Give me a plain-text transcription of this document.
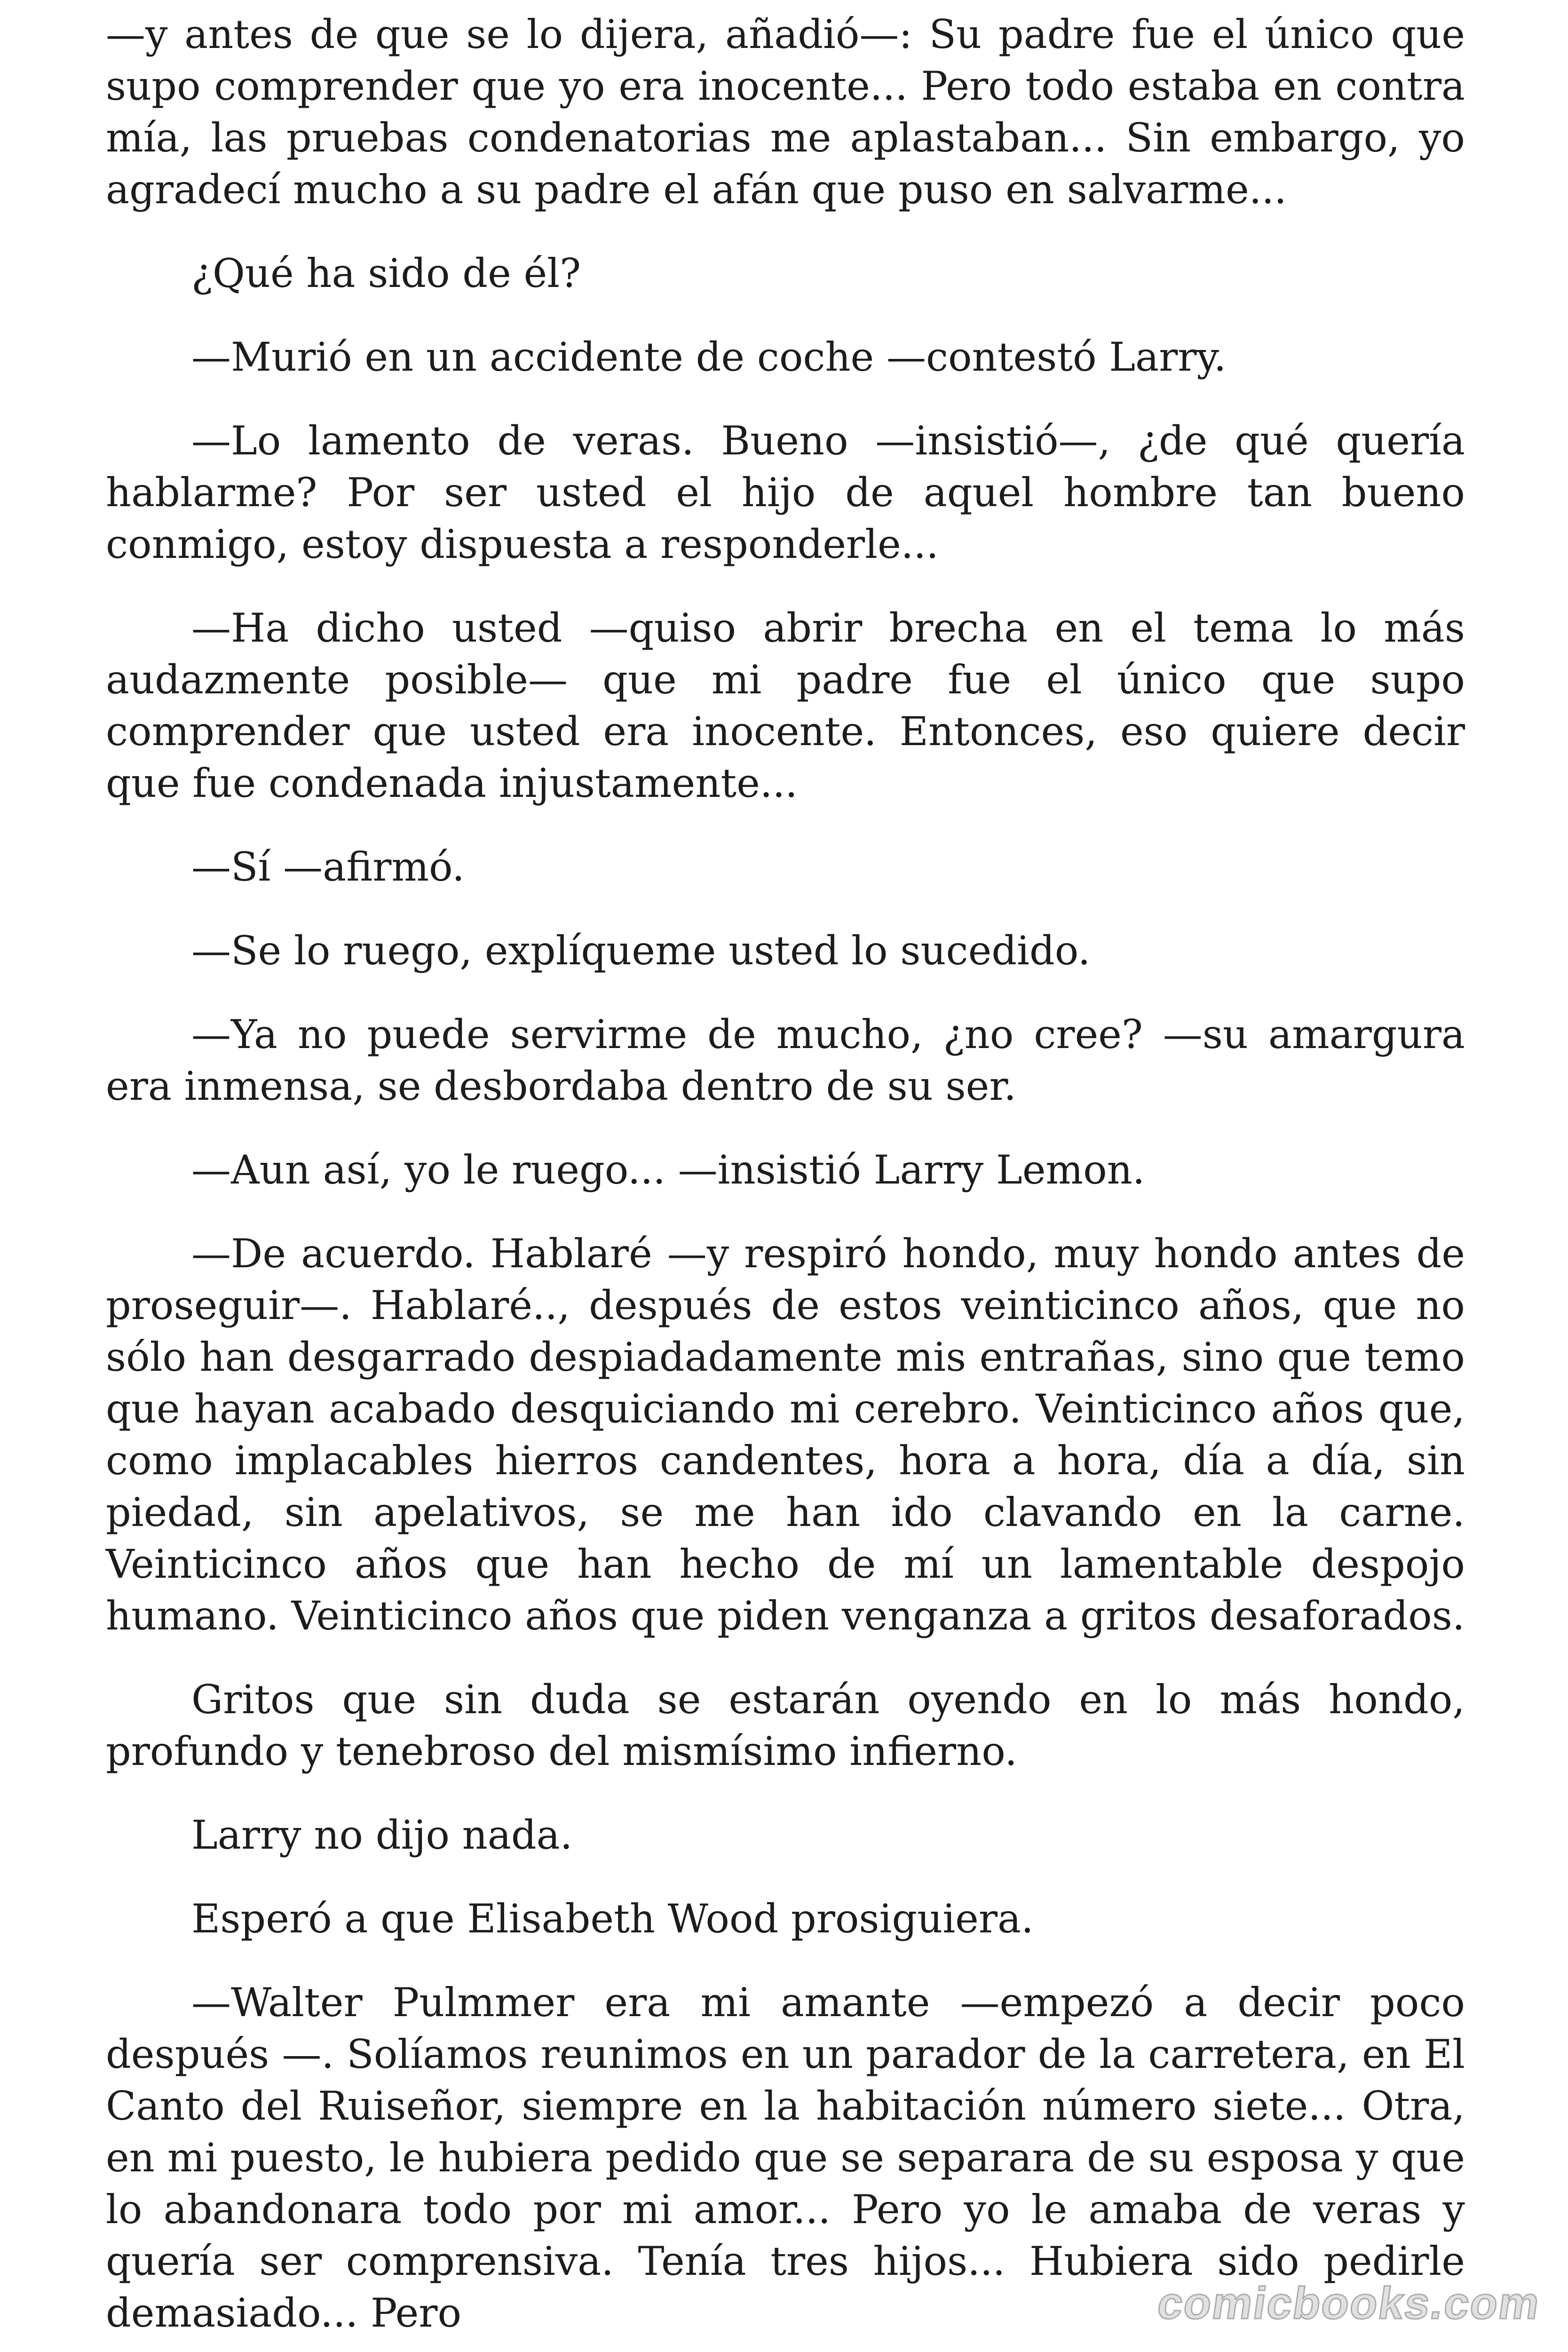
—y antes de que se lo dijera, añadió—: Su padre fue el único que supo comprender que yo era inocente... Pero todo estaba en contra mía, las pruebas condenatorias me aplastaban... Sin embargo, yo agradecí mucho a su padre el afán que puso en salvarme...

¿Qué ha sido de él?

—Murió en un accidente de coche —contestó Larry.

—Lo lamento de veras. Bueno —insistió—, ¿de qué quería hablarme? Por ser usted el hijo de aquel hombre tan bueno conmigo, estoy dispuesta a responderle...

—Ha dicho usted —quiso abrir brecha en el tema lo más audazmente posible— que mi padre fue el único que supo comprender que usted era inocente. Entonces, eso quiere decir que fue condenada injustamente...

—Sí —afirmó.

—Se lo ruego, explíqueme usted lo sucedido.

—Ya no puede servirme de mucho, ¿no cree? —su amargura era inmensa, se desbordaba dentro de su ser.

—Aun así, yo le ruego... —insistió Larry Lemon.

—De acuerdo. Hablaré —y respiró hondo, muy hondo antes de proseguir—. Hablaré.., después de estos veinticinco años, que no sólo han desgarrado despiadadamente mis entrañas, sino que temo que hayan acabado desquiciando mi cerebro. Veinticinco años que, como implacables hierros candentes, hora a hora, día a día, sin piedad, sin apelativos, se me han ido clavando en la carne. Veinticinco años que han hecho de mí un lamentable despojo humano. Veinticinco años que piden venganza a gritos desaforados.

Gritos que sin duda se estarán oyendo en lo más hondo, profundo y tenebroso del mismísimo infierno.

Larry no dijo nada.

Esperó a que Elisabeth Wood prosiguiera.

—Walter Pulmmer era mi amante —empezó a decir poco después —. Solíamos reunimos en un parador de la carretera, en El Canto del Ruiseñor, siempre en la habitación número siete... Otra, en mi puesto, le hubiera pedido que se separara de su esposa y que lo abandonara todo por mi amor... Pero yo le amaba de veras y quería ser comprensiva. Tenía tres hijos... Hubiera sido pedirle demasiado... Pero	comicbooks.com
